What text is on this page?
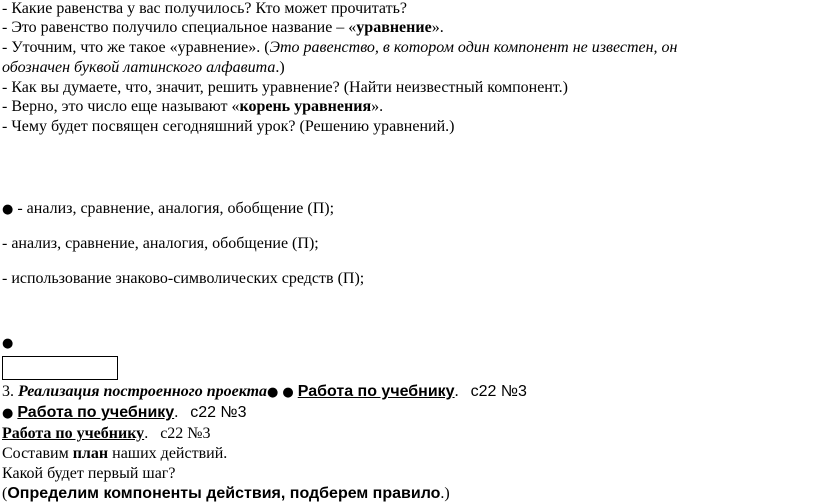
- Какие равенства у вас получилось? Кто может прочитать?
- Это равенство получило специальное название – «уравнение».
- Уточним, что же такое «уравнение». (Это равенство, в котором один компонент не известен, он
обозначен буквой латинского алфавита.)
- Как вы думаете, что, значит, решить уравнение? (Найти неизвестный компонент.)
- Верно, это число еще называют «корень уравнения».
- Чему будет посвящен сегодняшний урок? (Решению уравнений.)
● - анализ, сравнение, аналогия, обобщение (П);
- анализ, сравнение, аналогия, обобщение (П);
- использование знаково-символических средств (П);
●
3. Реализация построенного проекта● ● Работа по учебнику. с22 №3
● Работа по учебнику. с22 №3
Работа по учебнику. с22 №3
Составим план наших действий.
Какой будет первый шаг?
(Определим компоненты действия, подберем правило.)
